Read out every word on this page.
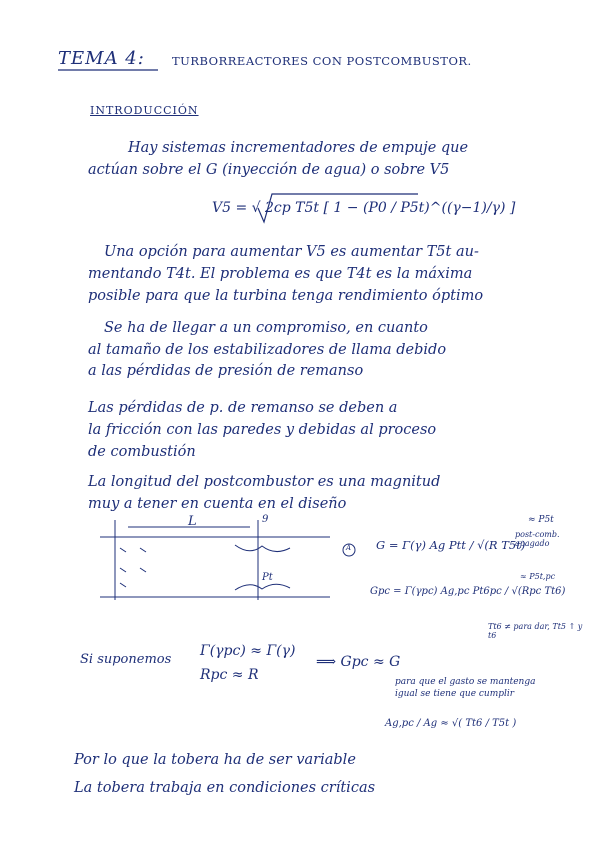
TEMA 4: TURBORREACTORES CON POSTCOMBUSTOR.
INTRODUCCIÓN
Hay sistemas incrementadores de empuje que
actúan sobre el G (inyección de agua) o sobre V5
V5 = √ 2cp T5t [ 1 − (P0 / P5t)^((γ−1)/γ) ]
Una opción para aumentar V5 es aumentar T5t au-
mentando T4t. El problema es que T4t es la máxima
posible para que la turbina tenga rendimiento óptimo
Se ha de llegar a un compromiso, en cuanto
al tamaño de los estabilizadores de llama debido
a las pérdidas de presión de remanso
Las pérdidas de p. de remanso se deben a
la fricción con las paredes y debidas al proceso
de combustión
La longitud del postcombustor es una magnitud
muy a tener en cuenta en el diseño
L	9
Pt
A G = Γ(γ) Ag Ptt / √(R T5t)
≈ P5t
post-comb. apagado
Gpc = Γ(γpc) Ag,pc Pt6pc / √(Rpc Tt6)
≈ P5t,pc
Tt6 ≠ para dar, Tt5 ↑ y t6
Si suponemos
Γ(γpc) ≈ Γ(γ)
Rpc ≈ R
⟹ Gpc ≈ G
para que el gasto se mantenga igual se tiene que cumplir
Ag,pc / Ag ≈ √( Tt6 / T5t )
Por lo que la tobera ha de ser variable
La tobera trabaja en condiciones críticas
